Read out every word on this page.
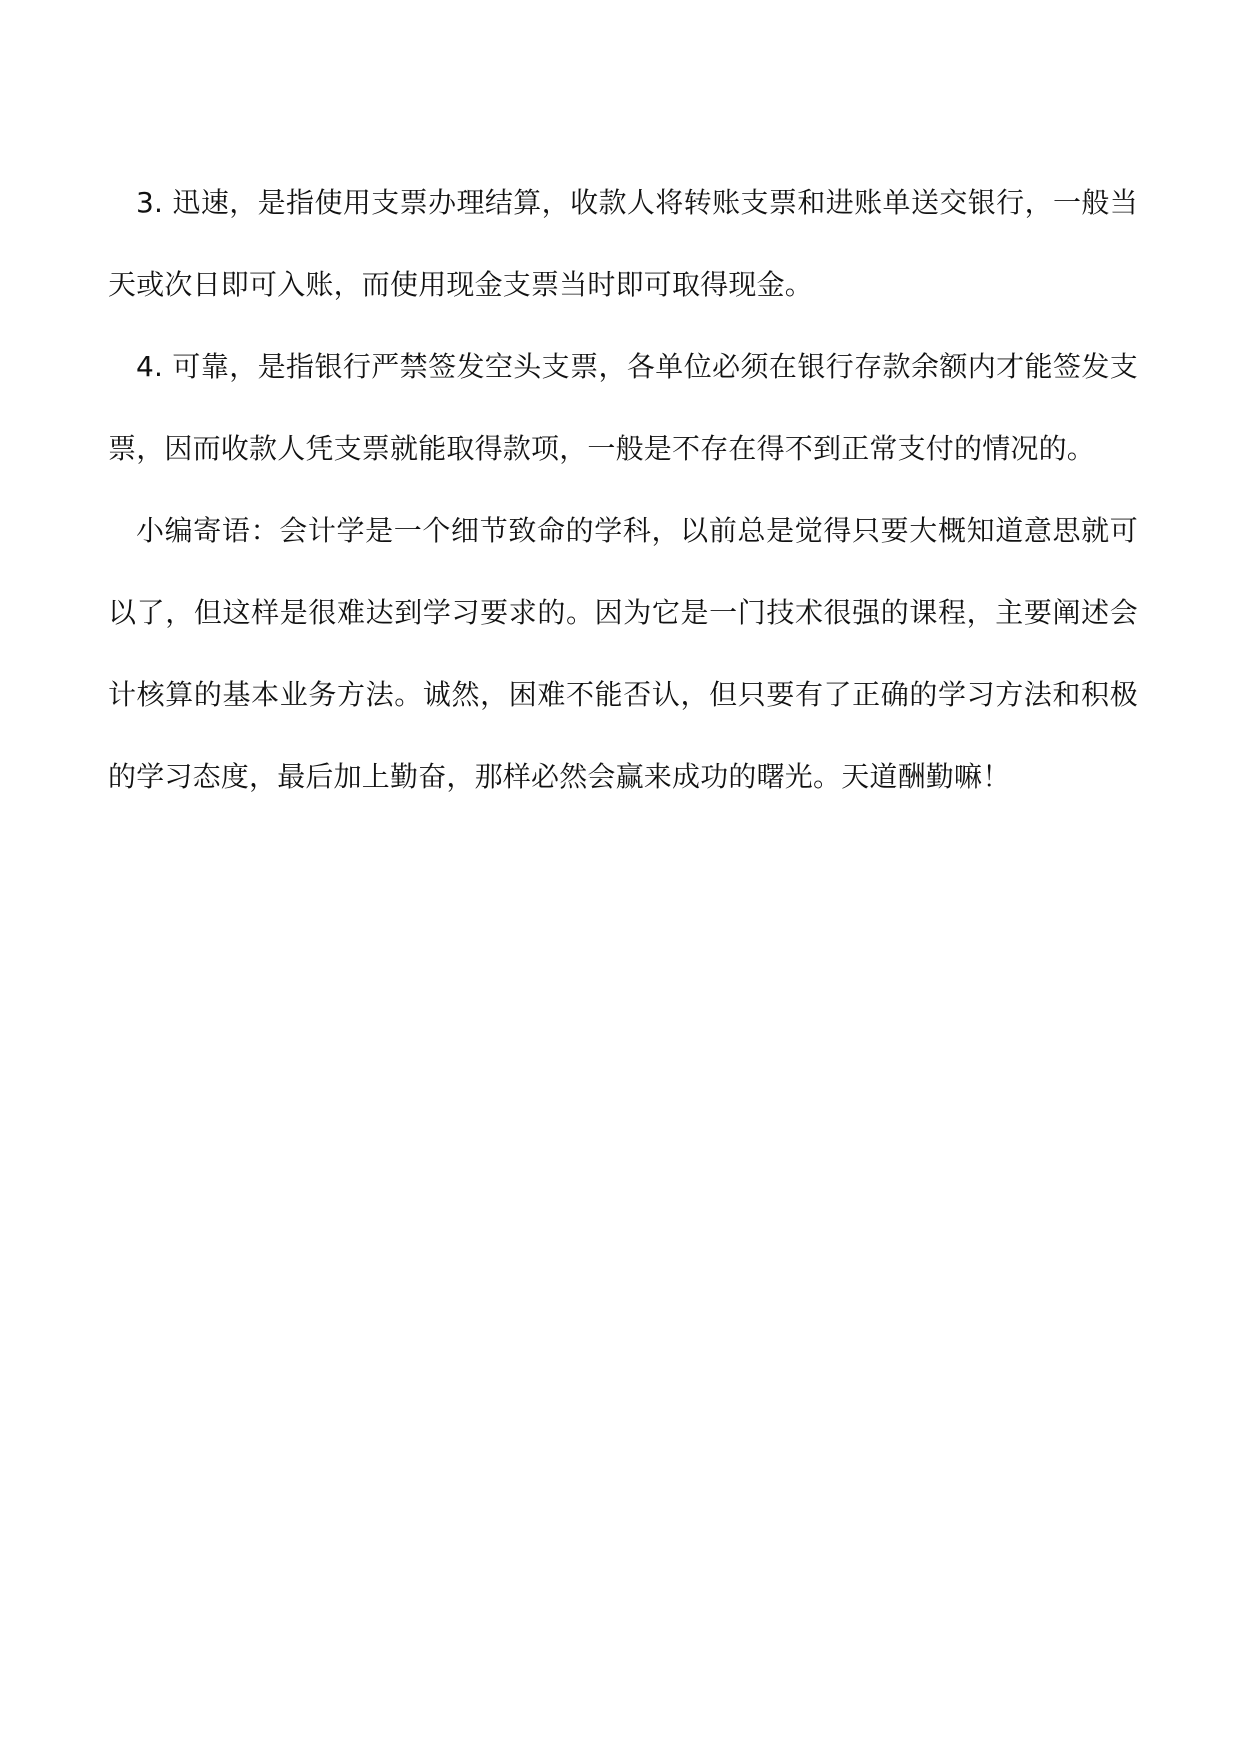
3. 迅速，是指使用支票办理结算，收款人将转账支票和进账单送交银行，一般当天或次日即可入账，而使用现金支票当时即可取得现金。

4. 可靠，是指银行严禁签发空头支票，各单位必须在银行存款余额内才能签发支票，因而收款人凭支票就能取得款项，一般是不存在得不到正常支付的情况的。

小编寄语：会计学是一个细节致命的学科，以前总是觉得只要大概知道意思就可以了，但这样是很难达到学习要求的。因为它是一门技术很强的课程，主要阐述会计核算的基本业务方法。诚然，困难不能否认，但只要有了正确的学习方法和积极的学习态度，最后加上勤奋，那样必然会赢来成功的曙光。天道酬勤嘛！
